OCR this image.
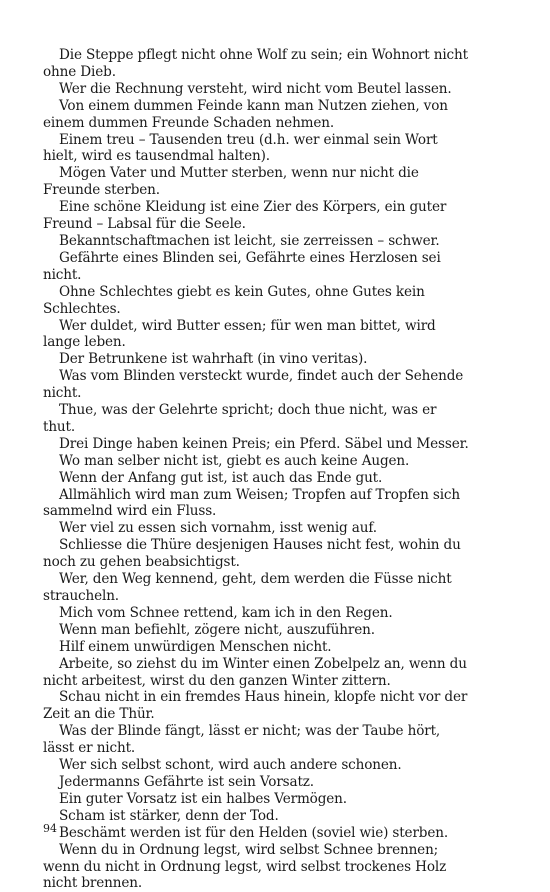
Die Steppe pflegt nicht ohne Wolf zu sein; ein Wohnort nicht ohne Dieb.

Wer die Rechnung versteht, wird nicht vom Beutel lassen.

Von einem dummen Feinde kann man Nutzen ziehen, von einem dummen Freunde Schaden nehmen.

Einem treu – Tausenden treu (d.h. wer einmal sein Wort hielt, wird es tausendmal halten).

Mögen Vater und Mutter sterben, wenn nur nicht die Freunde sterben.

Eine schöne Kleidung ist eine Zier des Körpers, ein guter Freund – Labsal für die Seele.

Bekanntschaftmachen ist leicht, sie zerreissen – schwer.

Gefährte eines Blinden sei, Gefährte eines Herzlosen sei nicht.

Ohne Schlechtes giebt es kein Gutes, ohne Gutes kein Schlechtes.

Wer duldet, wird Butter essen; für wen man bittet, wird lange leben.

Der Betrunkene ist wahrhaft (in vino veritas).

Was vom Blinden versteckt wurde, findet auch der Sehende nicht.

Thue, was der Gelehrte spricht; doch thue nicht, was er thut.

Drei Dinge haben keinen Preis; ein Pferd. Säbel und Messer.

Wo man selber nicht ist, giebt es auch keine Augen.

Wenn der Anfang gut ist, ist auch das Ende gut.

Allmählich wird man zum Weisen; Tropfen auf Tropfen sich sammelnd wird ein Fluss.

Wer viel zu essen sich vornahm, isst wenig auf.

Schliesse die Thüre desjenigen Hauses nicht fest, wohin du noch zu gehen beabsichtigst.

Wer, den Weg kennend, geht, dem werden die Füsse nicht straucheln.

Mich vom Schnee rettend, kam ich in den Regen.

Wenn man befiehlt, zögere nicht, auszuführen.

Hilf einem unwürdigen Menschen nicht.

Arbeite, so ziehst du im Winter einen Zobelpelz an, wenn du nicht arbeitest, wirst du den ganzen Winter zittern.

Schau nicht in ein fremdes Haus hinein, klopfe nicht vor der Zeit an die Thür.

Was der Blinde fängt, lässt er nicht; was der Taube hört, lässt er nicht.

Wer sich selbst schont, wird auch andere schonen.

Jedermanns Gefährte ist sein Vorsatz.

Ein guter Vorsatz ist ein halbes Vermögen.

Scham ist stärker, denn der Tod.

Beschämt werden ist für den Helden (soviel wie) sterben.

Wenn du in Ordnung legst, wird selbst Schnee brennen; wenn du nicht in Ordnung legst, wird selbst trockenes Holz nicht brennen.

94
